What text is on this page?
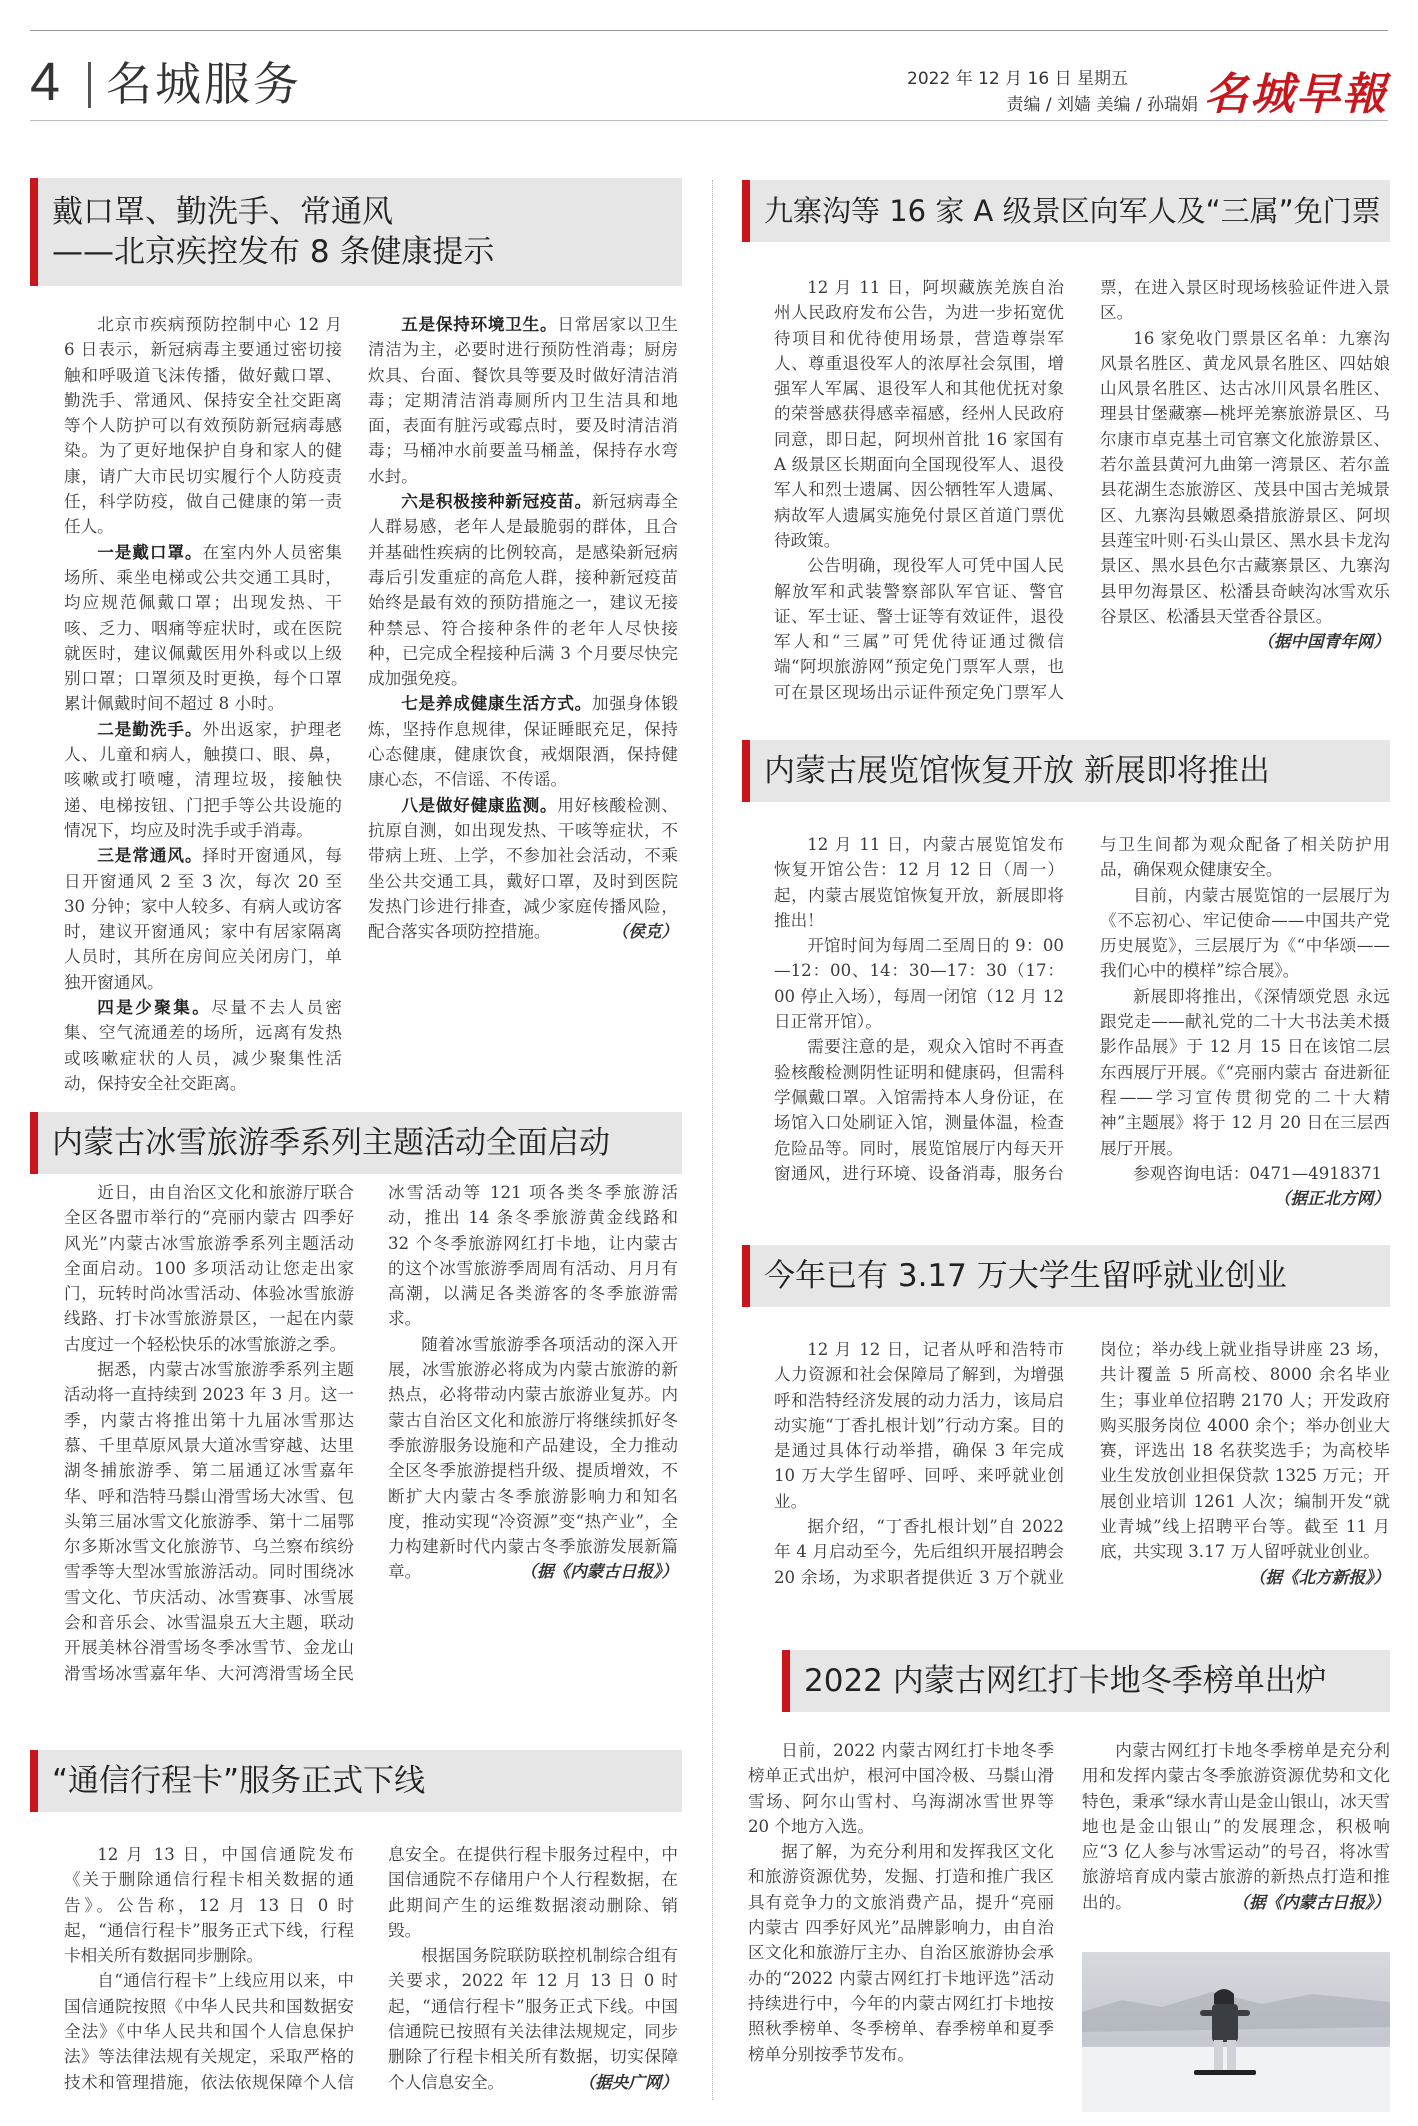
4 名城服务	2022 年 12 月 16 日 星期五
责编 / 刘嫱 美编 / 孙瑞娟 名城早報
戴口罩、勤洗手、常通风
——北京疾控发布 8 条健康提示

北京市疾病预防控制中心 12 月 6 日表示，新冠病毒主要通过密切接触和呼吸道飞沫传播，做好戴口罩、勤洗手、常通风、保持安全社交距离等个人防护可以有效预防新冠病毒感染。为了更好地保护自身和家人的健康，请广大市民切实履行个人防疫责任，科学防疫，做自己健康的第一责任人。

一是戴口罩。在室内外人员密集场所、乘坐电梯或公共交通工具时，均应规范佩戴口罩；出现发热、干咳、乏力、咽痛等症状时，或在医院就医时，建议佩戴医用外科或以上级别口罩；口罩须及时更换，每个口罩累计佩戴时间不超过 8 小时。

二是勤洗手。外出返家，护理老人、儿童和病人，触摸口、眼、鼻，咳嗽或打喷嚏，清理垃圾，接触快递、电梯按钮、门把手等公共设施的情况下，均应及时洗手或手消毒。

三是常通风。择时开窗通风，每日开窗通风 2 至 3 次，每次 20 至 30 分钟；家中人较多、有病人或访客时，建议开窗通风；家中有居家隔离人员时，其所在房间应关闭房门，单独开窗通风。

四是少聚集。尽量不去人员密集、空气流通差的场所，远离有发热或咳嗽症状的人员，减少聚集性活动，保持安全社交距离。

五是保持环境卫生。日常居家以卫生清洁为主，必要时进行预防性消毒；厨房炊具、台面、餐饮具等要及时做好清洁消毒；定期清洁消毒厕所内卫生洁具和地面，表面有脏污或霉点时，要及时清洁消毒；马桶冲水前要盖马桶盖，保持存水弯水封。

六是积极接种新冠疫苗。新冠病毒全人群易感，老年人是最脆弱的群体，且合并基础性疾病的比例较高，是感染新冠病毒后引发重症的高危人群，接种新冠疫苗始终是最有效的预防措施之一，建议无接种禁忌、符合接种条件的老年人尽快接种，已完成全程接种后满 3 个月要尽快完成加强免疫。

七是养成健康生活方式。加强身体锻炼，坚持作息规律，保证睡眠充足，保持心态健康，健康饮食，戒烟限酒，保持健康心态，不信谣、不传谣。

八是做好健康监测。用好核酸检测、抗原自测，如出现发热、干咳等症状，不带病上班、上学，不参加社会活动，不乘坐公共交通工具，戴好口罩，及时到医院发热门诊进行排查，减少家庭传播风险，配合落实各项防控措施。	（侯克）

内蒙古冰雪旅游季系列主题活动全面启动

近日，由自治区文化和旅游厅联合全区各盟市举行的“亮丽内蒙古 四季好风光”内蒙古冰雪旅游季系列主题活动全面启动。100 多项活动让您走出家门，玩转时尚冰雪活动、体验冰雪旅游线路、打卡冰雪旅游景区，一起在内蒙古度过一个轻松快乐的冰雪旅游之季。

据悉，内蒙古冰雪旅游季系列主题活动将一直持续到 2023 年 3 月。这一季，内蒙古将推出第十九届冰雪那达慕、千里草原风景大道冰雪穿越、达里湖冬捕旅游季、第二届通辽冰雪嘉年华、呼和浩特马鬃山滑雪场大冰雪、包头第三届冰雪文化旅游季、第十二届鄂尔多斯冰雪文化旅游节、乌兰察布缤纷雪季等大型冰雪旅游活动。同时围绕冰雪文化、节庆活动、冰雪赛事、冰雪展会和音乐会、冰雪温泉五大主题，联动开展美林谷滑雪场冬季冰雪节、金龙山滑雪场冰雪嘉年华、大河湾滑雪场全民冰雪活动等 121 项各类冬季旅游活动，推出 14 条冬季旅游黄金线路和 32 个冬季旅游网红打卡地，让内蒙古的这个冰雪旅游季周周有活动、月月有高潮，以满足各类游客的冬季旅游需求。

随着冰雪旅游季各项活动的深入开展，冰雪旅游必将成为内蒙古旅游的新热点，必将带动内蒙古旅游业复苏。内蒙古自治区文化和旅游厅将继续抓好冬季旅游服务设施和产品建设，全力推动全区冬季旅游提档升级、提质增效，不断扩大内蒙古冬季旅游影响力和知名度，推动实现“冷资源”变“热产业”，全力构建新时代内蒙古冬季旅游发展新篇章。	（据《内蒙古日报》）

“通信行程卡”服务正式下线

12 月 13 日，中国信通院发布《关于删除通信行程卡相关数据的通告》。公告称，12 月 13 日 0 时起，“通信行程卡”服务正式下线，行程卡相关所有数据同步删除。

自“通信行程卡”上线应用以来，中国信通院按照《中华人民共和国数据安全法》《中华人民共和国个人信息保护法》等法律法规有关规定，采取严格的技术和管理措施，依法依规保障个人信息安全。在提供行程卡服务过程中，中国信通院不存储用户个人行程数据，在此期间产生的运维数据滚动删除、销毁。

根据国务院联防联控机制综合组有关要求，2022 年 12 月 13 日 0 时起，“通信行程卡”服务正式下线。中国信通院已按照有关法律法规规定，同步删除了行程卡相关所有数据，切实保障个人信息安全。	（据央广网）

九寨沟等 16 家 A 级景区向军人及“三属”免门票

12 月 11 日，阿坝藏族羌族自治州人民政府发布公告，为进一步拓宽优待项目和优待使用场景，营造尊崇军人、尊重退役军人的浓厚社会氛围，增强军人军属、退役军人和其他优抚对象的荣誉感获得感幸福感，经州人民政府同意，即日起，阿坝州首批 16 家国有 A 级景区长期面向全国现役军人、退役军人和烈士遗属、因公牺牲军人遗属、病故军人遗属实施免付景区首道门票优待政策。

公告明确，现役军人可凭中国人民解放军和武装警察部队军官证、警官证、军士证、警士证等有效证件，退役军人和“三属”可凭优待证通过微信端“阿坝旅游网”预定免门票军人票，也可在景区现场出示证件预定免门票军人票，在进入景区时现场核验证件进入景区。

16 家免收门票景区名单：九寨沟风景名胜区、黄龙风景名胜区、四姑娘山风景名胜区、达古冰川风景名胜区、理县甘堡藏寨—桃坪羌寨旅游景区、马尔康市卓克基土司官寨文化旅游景区、若尔盖县黄河九曲第一湾景区、若尔盖县花湖生态旅游区、茂县中国古羌城景区、九寨沟县嫩恩桑措旅游景区、阿坝县莲宝叶则·石头山景区、黑水县卡龙沟景区、黑水县色尔古藏寨景区、九寨沟县甲勿海景区、松潘县奇峡沟冰雪欢乐谷景区、松潘县天堂香谷景区。
（据中国青年网）

内蒙古展览馆恢复开放 新展即将推出

12 月 11 日，内蒙古展览馆发布恢复开馆公告：12 月 12 日（周一）起，内蒙古展览馆恢复开放，新展即将推出！

开馆时间为每周二至周日的 9：00 —12：00、14：30—17：30（17：00 停止入场），每周一闭馆（12 月 12 日正常开馆）。

需要注意的是，观众入馆时不再查验核酸检测阴性证明和健康码，但需科学佩戴口罩。入馆需持本人身份证，在场馆入口处刷证入馆，测量体温，检查危险品等。同时，展览馆展厅内每天开窗通风，进行环境、设备消毒，服务台与卫生间都为观众配备了相关防护用品，确保观众健康安全。

目前，内蒙古展览馆的一层展厅为《不忘初心、牢记使命——中国共产党历史展览》，三层展厅为《“中华颂——我们心中的模样”综合展》。

新展即将推出，《深情颂党恩 永远跟党走——献礼党的二十大书法美术摄影作品展》于 12 月 15 日在该馆二层东西展厅开展。《“亮丽内蒙古 奋进新征程——学习宣传贯彻党的二十大精神”主题展》将于 12 月 20 日在三层西展厅开展。

参观咨询电话：0471—4918371
（据正北方网）

今年已有 3.17 万大学生留呼就业创业

12 月 12 日，记者从呼和浩特市人力资源和社会保障局了解到，为增强呼和浩特经济发展的动力活力，该局启动实施“丁香扎根计划”行动方案。目的是通过具体行动举措，确保 3 年完成 10 万大学生留呼、回呼、来呼就业创业。

据介绍，“丁香扎根计划”自 2022 年 4 月启动至今，先后组织开展招聘会 20 余场，为求职者提供近 3 万个就业岗位；举办线上就业指导讲座 23 场，共计覆盖 5 所高校、8000 余名毕业生；事业单位招聘 2170 人；开发政府购买服务岗位 4000 余个；举办创业大赛，评选出 18 名获奖选手；为高校毕业生发放创业担保贷款 1325 万元；开展创业培训 1261 人次；编制开发“就业青城”线上招聘平台等。截至 11 月底，共实现 3.17 万人留呼就业创业。
（据《北方新报》）

2022 内蒙古网红打卡地冬季榜单出炉

日前，2022 内蒙古网红打卡地冬季榜单正式出炉，根河中国冷极、马鬃山滑雪场、阿尔山雪村、乌海湖冰雪世界等 20 个地方入选。

据了解，为充分利用和发挥我区文化和旅游资源优势，发掘、打造和推广我区具有竞争力的文旅消费产品，提升“亮丽内蒙古 四季好风光”品牌影响力，由自治区文化和旅游厅主办、自治区旅游协会承办的“2022 内蒙古网红打卡地评选”活动持续进行中，今年的内蒙古网红打卡地按照秋季榜单、冬季榜单、春季榜单和夏季榜单分别按季节发布。

内蒙古网红打卡地冬季榜单是充分利用和发挥内蒙古冬季旅游资源优势和文化特色，秉承“绿水青山是金山银山，冰天雪地也是金山银山”的发展理念，积极响应“3 亿人参与冰雪运动”的号召，将冰雪旅游培育成内蒙古旅游的新热点打造和推出的。	（据《内蒙古日报》）
